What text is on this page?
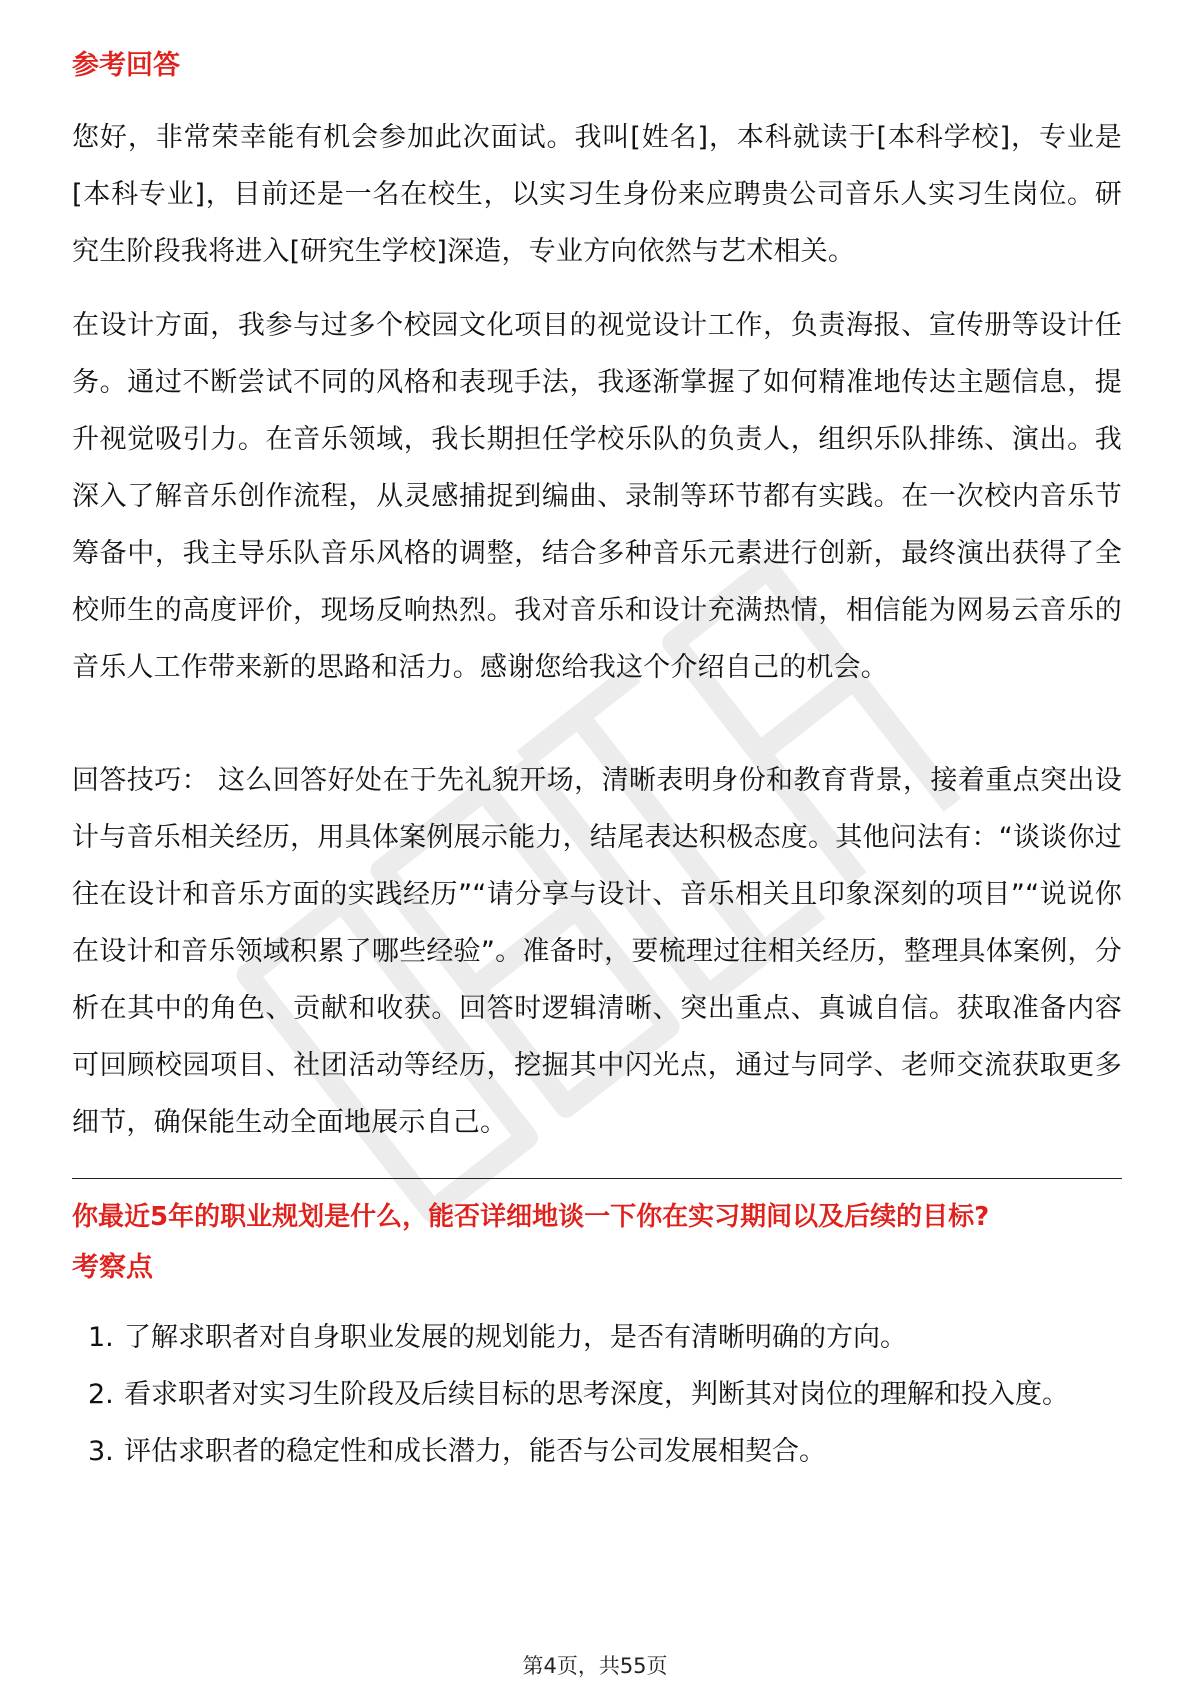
参考回答
您好，非常荣幸能有机会参加此次面试。我叫[姓名]，本科就读于[本科学校]，专业是[本科专业]，目前还是一名在校生，以实习生身份来应聘贵公司音乐人实习生岗位。研究生阶段我将进入[研究生学校]深造，专业方向依然与艺术相关。
在设计方面，我参与过多个校园文化项目的视觉设计工作，负责海报、宣传册等设计任务。通过不断尝试不同的风格和表现手法，我逐渐掌握了如何精准地传达主题信息，提升视觉吸引力。在音乐领域，我长期担任学校乐队的负责人，组织乐队排练、演出。我深入了解音乐创作流程，从灵感捕捉到编曲、录制等环节都有实践。在一次校内音乐节筹备中，我主导乐队音乐风格的调整，结合多种音乐元素进行创新，最终演出获得了全校师生的高度评价，现场反响热烈。我对音乐和设计充满热情，相信能为网易云音乐的音乐人工作带来新的思路和活力。感谢您给我这个介绍自己的机会。
回答技巧： 这么回答好处在于先礼貌开场，清晰表明身份和教育背景，接着重点突出设计与音乐相关经历，用具体案例展示能力，结尾表达积极态度。其他问法有：“谈谈你过往在设计和音乐方面的实践经历”“请分享与设计、音乐相关且印象深刻的项目”“说说你在设计和音乐领域积累了哪些经验”。准备时，要梳理过往相关经历，整理具体案例，分析在其中的角色、贡献和收获。回答时逻辑清晰、突出重点、真诚自信。获取准备内容可回顾校园项目、社团活动等经历，挖掘其中闪光点，通过与同学、老师交流获取更多细节，确保能生动全面地展示自己。
你最近5年的职业规划是什么，能否详细地谈一下你在实习期间以及后续的目标?
考察点
1. 了解求职者对自身职业发展的规划能力，是否有清晰明确的方向。
2. 看求职者对实习生阶段及后续目标的思考深度，判断其对岗位的理解和投入度。
3. 评估求职者的稳定性和成长潜力，能否与公司发展相契合。
第4页，共55页
